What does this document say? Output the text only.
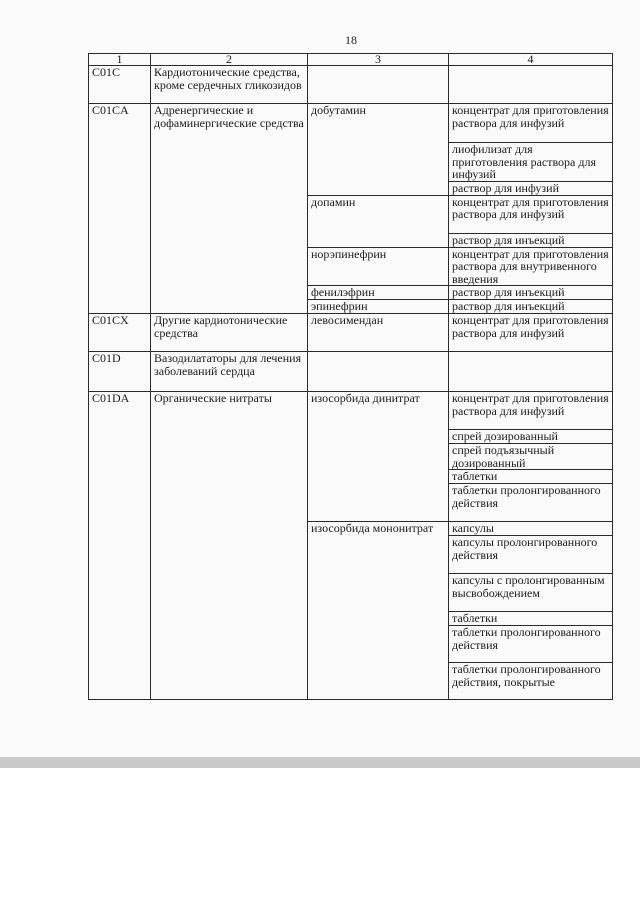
18
1	2	3	4
C01C	Кардиотонические средства, кроме сердечных гликозидов		
C01CA	Адренергические и дофаминергические средства	добутамин	концентрат для приготовления раствора для инфузий
			лиофилизат для приготовления раствора для инфузий
			раствор для инфузий
		допамин	концентрат для приготовления раствора для инфузий
			раствор для инъекций
		норэпинефрин	концентрат для приготовления раствора для внутривенного введения
		фенилэфрин	раствор для инъекций
		эпинефрин	раствор для инъекций
C01CX	Другие кардиотонические средства	левосимендан	концентрат для приготовления раствора для инфузий
C01D	Вазодилататоры для лечения заболеваний сердца		
C01DA	Органические нитраты	изосорбида динитрат	концентрат для приготовления раствора для инфузий
			спрей дозированный
			спрей подъязычный дозированный
			таблетки
			таблетки пролонгированного действия
		изосорбида мононитрат	капсулы
			капсулы пролонгированного действия
			капсулы с пролонгированным высвобождением
			таблетки
			таблетки пролонгированного действия
			таблетки пролонгированного действия, покрытые
